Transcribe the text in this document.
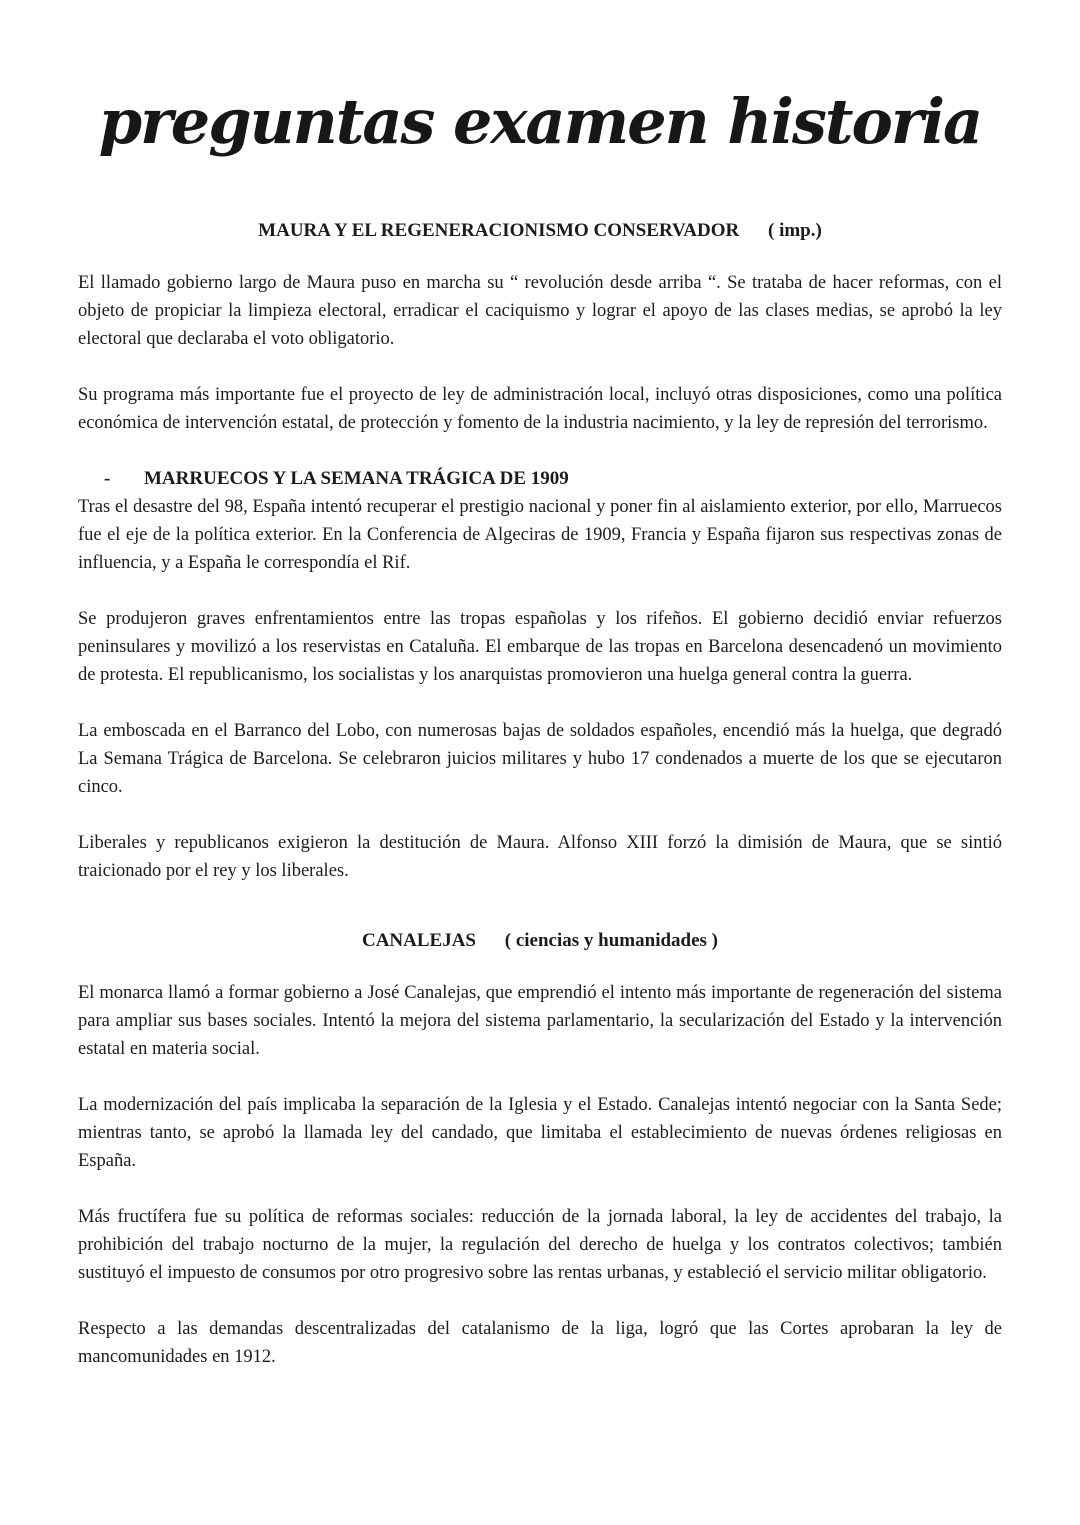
preguntas examen historia
MAURA Y EL REGENERACIONISMO CONSERVADOR ( imp.)

El llamado gobierno largo de Maura puso en marcha su “ revolución desde arriba “. Se trataba de hacer reformas, con el objeto de propiciar la limpieza electoral, erradicar el caciquismo y lograr el apoyo de las clases medias, se aprobó la ley electoral que declaraba el voto obligatorio.

Su programa más importante fue el proyecto de ley de administración local, incluyó otras disposiciones, como una política económica de intervención estatal, de protección y fomento de la industria nacimiento, y la ley de represión del terrorismo.

- MARRUECOS Y LA SEMANA TRÁGICA DE 1909

Tras el desastre del 98, España intentó recuperar el prestigio nacional y poner fin al aislamiento exterior, por ello, Marruecos fue el eje de la política exterior. En la Conferencia de Algeciras de 1909, Francia y España fijaron sus respectivas zonas de influencia, y a España le correspondía el Rif.

Se produjeron graves enfrentamientos entre las tropas españolas y los rifeños. El gobierno decidió enviar refuerzos peninsulares y movilizó a los reservistas en Cataluña. El embarque de las tropas en Barcelona desencadenó un movimiento de protesta. El republicanismo, los socialistas y los anarquistas promovieron una huelga general contra la guerra.

La emboscada en el Barranco del Lobo, con numerosas bajas de soldados españoles, encendió más la huelga, que degradó La Semana Trágica de Barcelona. Se celebraron juicios militares y hubo 17 condenados a muerte de los que se ejecutaron cinco.

Liberales y republicanos exigieron la destitución de Maura. Alfonso XIII forzó la dimisión de Maura, que se sintió traicionado por el rey y los liberales.

CANALEJAS ( ciencias y humanidades )

El monarca llamó a formar gobierno a José Canalejas, que emprendió el intento más importante de regeneración del sistema para ampliar sus bases sociales. Intentó la mejora del sistema parlamentario, la secularización del Estado y la intervención estatal en materia social.

La modernización del país implicaba la separación de la Iglesia y el Estado. Canalejas intentó negociar con la Santa Sede; mientras tanto, se aprobó la llamada ley del candado, que limitaba el establecimiento de nuevas órdenes religiosas en España.

Más fructífera fue su política de reformas sociales: reducción de la jornada laboral, la ley de accidentes del trabajo, la prohibición del trabajo nocturno de la mujer, la regulación del derecho de huelga y los contratos colectivos; también sustituyó el impuesto de consumos por otro progresivo sobre las rentas urbanas, y estableció el servicio militar obligatorio.

Respecto a las demandas descentralizadas del catalanismo de la liga, logró que las Cortes aprobaran la ley de mancomunidades en 1912.
